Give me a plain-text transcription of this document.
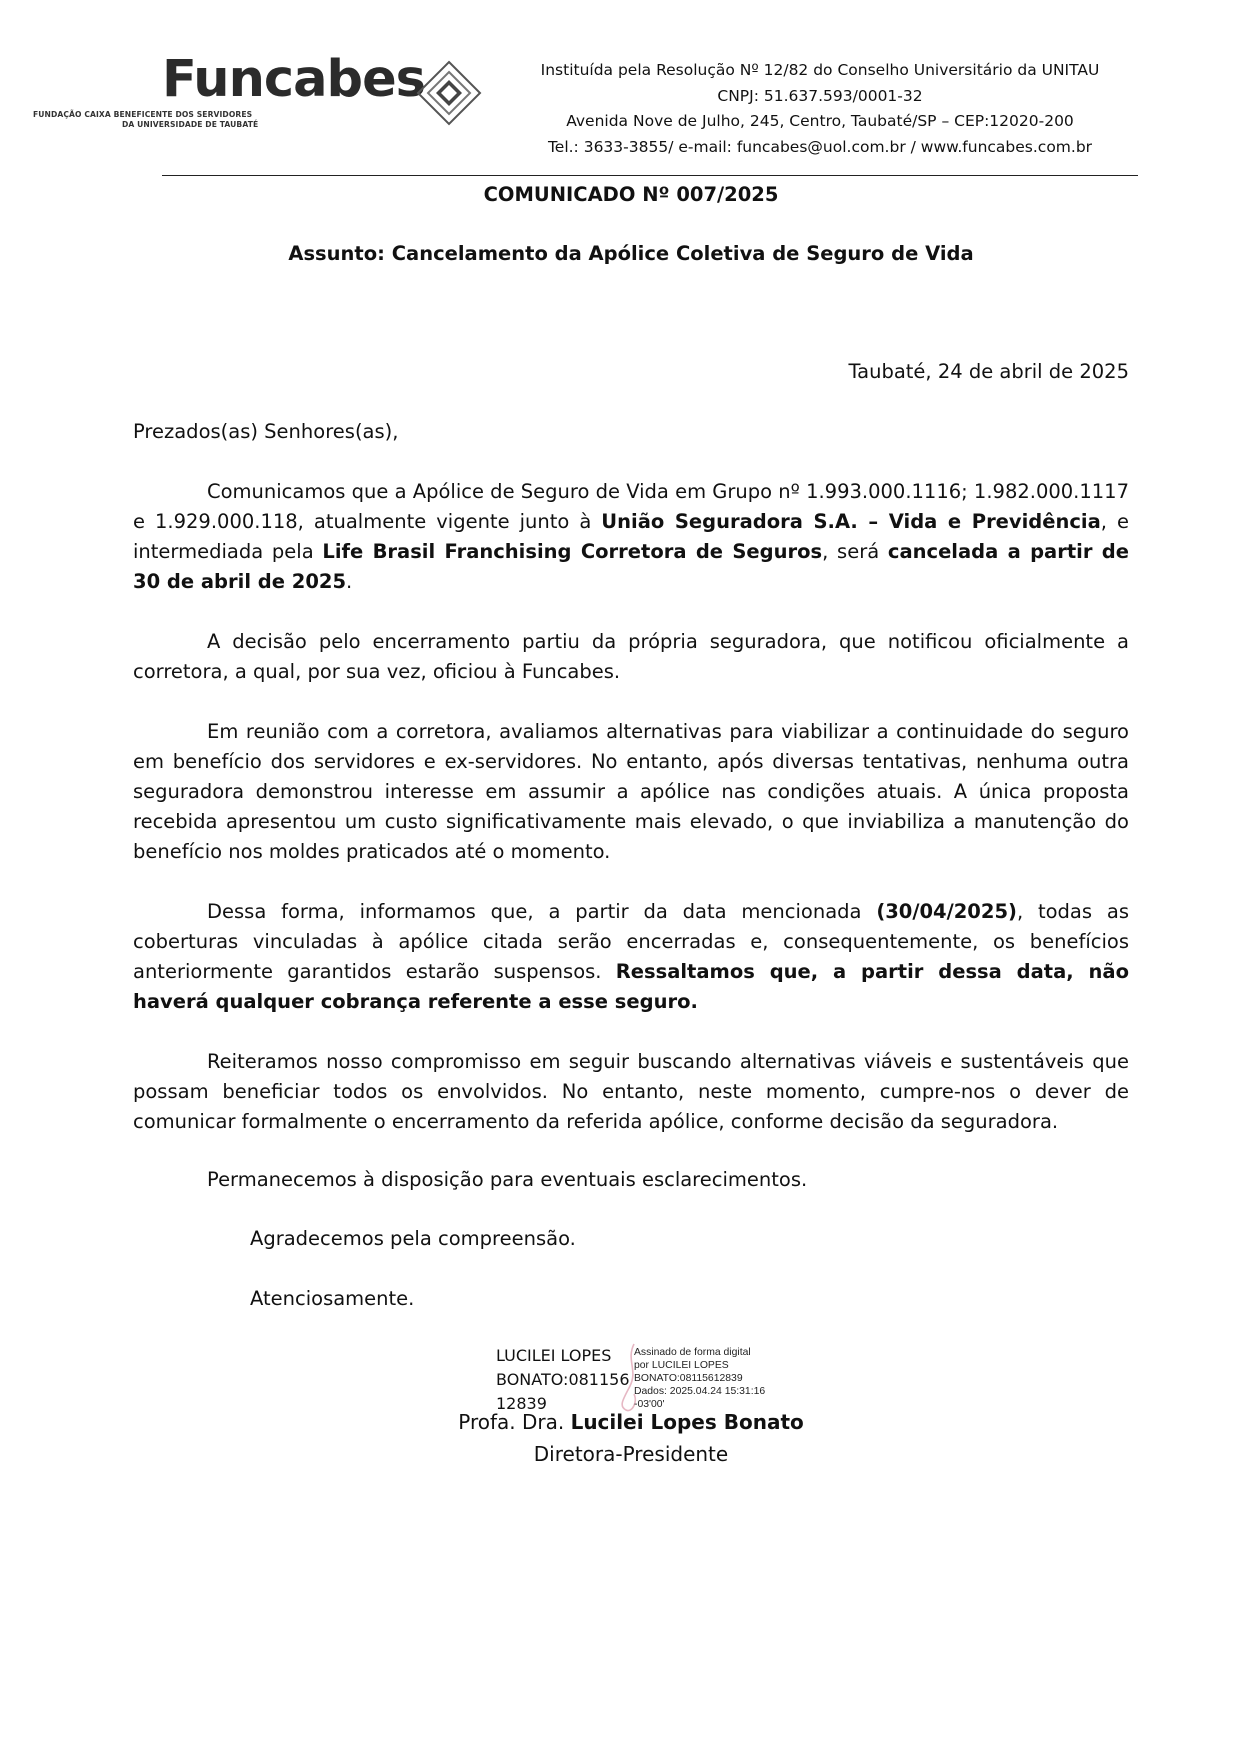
Funcabes
FUNDAÇÃO CAIXA BENEFICENTE DOS SERVIDORES
DA UNIVERSIDADE DE TAUBATÉ
Instituída pela Resolução Nº 12/82 do Conselho Universitário da UNITAU
CNPJ: 51.637.593/0001-32
Avenida Nove de Julho, 245, Centro, Taubaté/SP – CEP:12020-200
Tel.: 3633-3855/ e-mail: funcabes@uol.com.br / www.funcabes.com.br
COMUNICADO Nº 007/2025
Assunto: Cancelamento da Apólice Coletiva de Seguro de Vida
Taubaté, 24 de abril de 2025
Prezados(as) Senhores(as),

Comunicamos que a Apólice de Seguro de Vida em Grupo nº 1.993.000.1116; 1.982.000.1117 e 1.929.000.118, atualmente vigente junto à União Seguradora S.A. – Vida e Previdência, e intermediada pela Life Brasil Franchising Corretora de Seguros, será cancelada a partir de 30 de abril de 2025.

A decisão pelo encerramento partiu da própria seguradora, que notificou oficialmente a corretora, a qual, por sua vez, oficiou à Funcabes.

Em reunião com a corretora, avaliamos alternativas para viabilizar a continuidade do seguro em benefício dos servidores e ex-servidores. No entanto, após diversas tentativas, nenhuma outra seguradora demonstrou interesse em assumir a apólice nas condições atuais. A única proposta recebida apresentou um custo significativamente mais elevado, o que inviabiliza a manutenção do benefício nos moldes praticados até o momento.

Dessa forma, informamos que, a partir da data mencionada (30/04/2025), todas as coberturas vinculadas à apólice citada serão encerradas e, consequentemente, os benefícios anteriormente garantidos estarão suspensos. Ressaltamos que, a partir dessa data, não haverá qualquer cobrança referente a esse seguro.

Reiteramos nosso compromisso em seguir buscando alternativas viáveis e sustentáveis que possam beneficiar todos os envolvidos. No entanto, neste momento, cumpre-nos o dever de comunicar formalmente o encerramento da referida apólice, conforme decisão da seguradora.

Permanecemos à disposição para eventuais esclarecimentos.
Agradecemos pela compreensão.
Atenciosamente.
LUCILEI LOPES
BONATO:081156
12839
Assinado de forma digital
por LUCILEI LOPES
BONATO:08115612839
Dados: 2025.04.24 15:31:16
-03'00'
Profa. Dra. Lucilei Lopes Bonato
Diretora-Presidente
